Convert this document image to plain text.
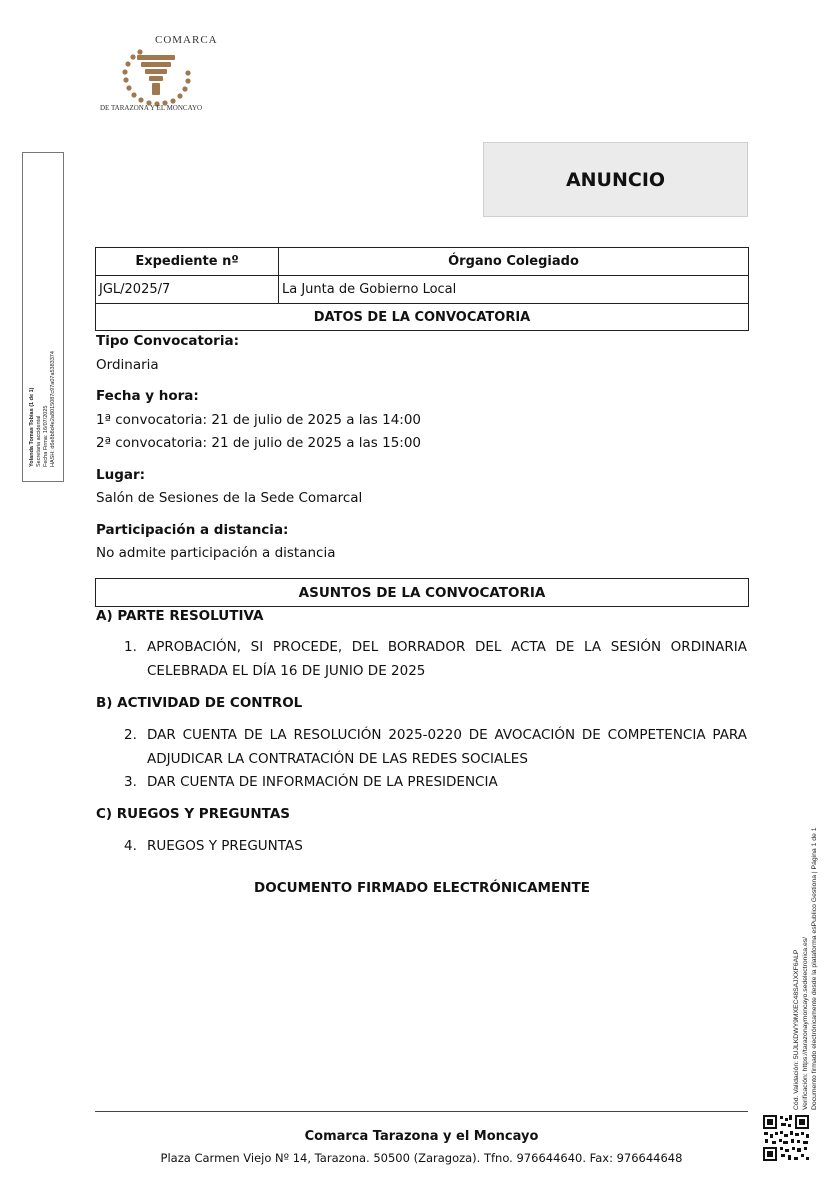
COMARCA
DE TARAZONA Y EL MONCAYO
Yolanda Tomas Tobias (1 de 1) Secretaria accidental Fecha Firma: 16/07/2025 HASH: d6e8b8d4e2a8015087c97a07a5383374
ANUNCIO
Expediente nº	Órgano Colegiado
JGL/2025/7	La Junta de Gobierno Local
DATOS DE LA CONVOCATORIA	
Tipo Convocatoria:
Ordinaria
Fecha y hora:
1ª convocatoria: 21 de julio de 2025 a las 14:00
2ª convocatoria: 21 de julio de 2025 a las 15:00
Lugar:
Salón de Sesiones de la Sede Comarcal
Participación a distancia:
No admite participación a distancia
ASUNTOS DE LA CONVOCATORIA
A) PARTE RESOLUTIVA
1. APROBACIÓN, SI PROCEDE, DEL BORRADOR DEL ACTA DE LA SESIÓN ORDINARIA CELEBRADA EL DÍA 16 DE JUNIO DE 2025
B) ACTIVIDAD DE CONTROL
2. DAR CUENTA DE LA RESOLUCIÓN 2025-0220 DE AVOCACIÓN DE COMPETENCIA PARA ADJUDICAR LA CONTRATACIÓN DE LAS REDES SOCIALES
3. DAR CUENTA DE INFORMACIÓN DE LA PRESIDENCIA
C) RUEGOS Y PREGUNTAS
4. RUEGOS Y PREGUNTAS
DOCUMENTO FIRMADO ELECTRÓNICAMENTE
Cód. Validación: 5UJLKDWY9MXEC48SAJXXF6ALP Verificación: https://tarazonaymoncayo.sedelectronica.es/ Documento firmado electrónicamente desde la plataforma esPublico Gestiona | Página 1 de 1
Comarca Tarazona y el Moncayo
Plaza Carmen Viejo Nº 14, Tarazona. 50500 (Zaragoza). Tfno. 976644640. Fax: 976644648
